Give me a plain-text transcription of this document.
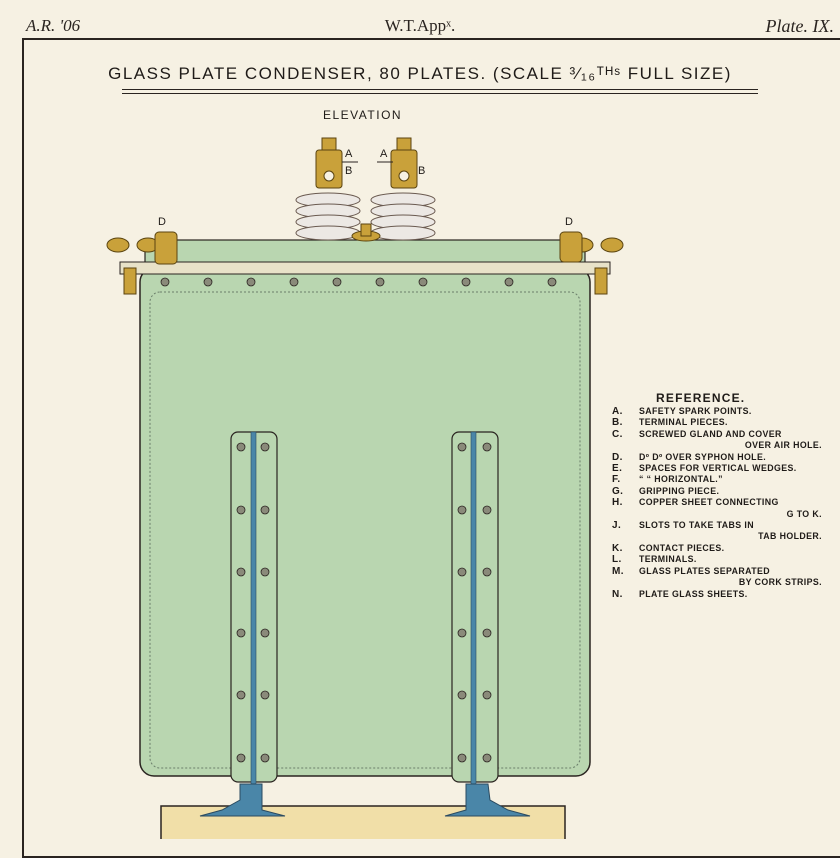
A.R. '06	W.T.Appˣ.	Plate. IX.
GLASS PLATE CONDENSER, 80 PLATES. (SCALE ³⁄₁₆ᵀᴴˢ FULL SIZE)
ELEVATION
A
B
A
B
D	D
REFERENCE.
A.	SAFETY SPARK POINTS.
B.	TERMINAL PIECES.
C.	SCREWED GLAND AND COVER
OVER AIR HOLE.
D.	Dº Dº OVER SYPHON HOLE.
E.	SPACES FOR VERTICAL WEDGES.
F.	“ “ HORIZONTAL.”
G.	GRIPPING PIECE.
H.	COPPER SHEET CONNECTING
G TO K.
J.	SLOTS TO TAKE TABS IN
TAB HOLDER.
K.	CONTACT PIECES.
L.	TERMINALS.
M.	GLASS PLATES SEPARATED
BY CORK STRIPS.
N.	PLATE GLASS SHEETS.
